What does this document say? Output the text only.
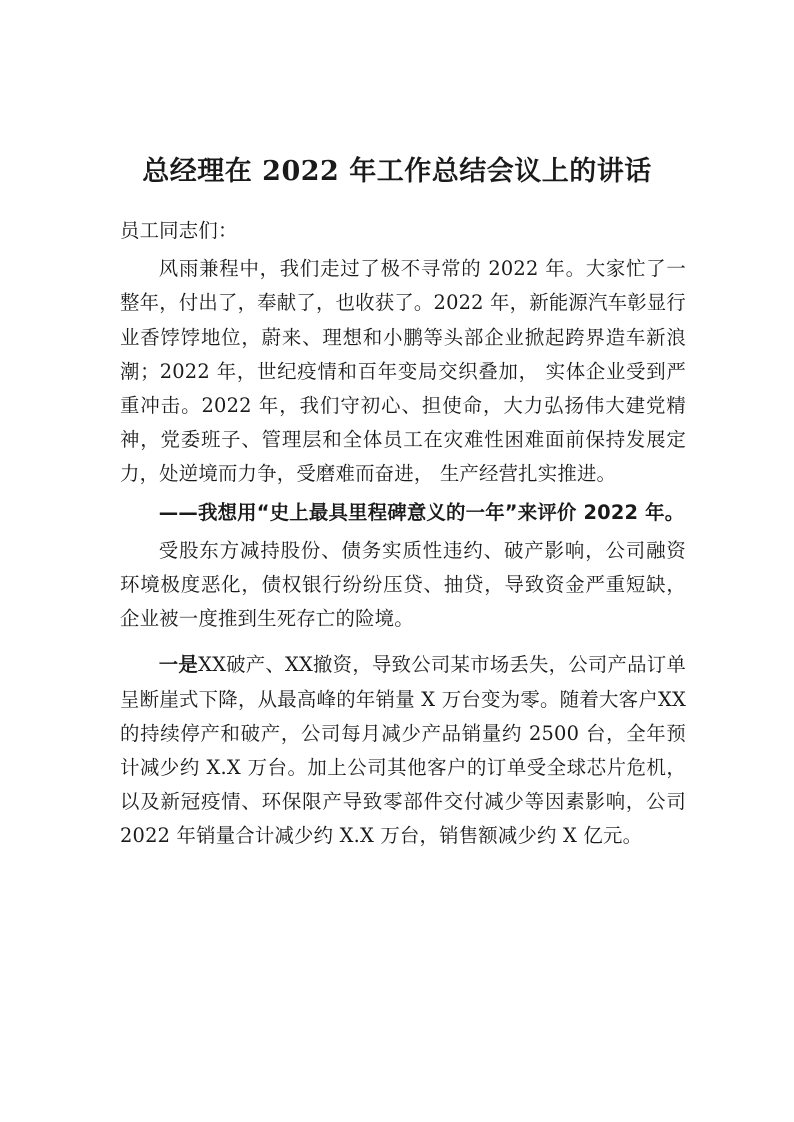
总经理在 2022 年工作总结会议上的讲话

员工同志们：

风雨兼程中，我们走过了极不寻常的 2022 年。大家忙了一整年，付出了，奉献了，也收获了。2022 年，新能源汽车彰显行业香饽饽地位，蔚来、理想和小鹏等头部企业掀起跨界造车新浪潮；2022 年，世纪疫情和百年变局交织叠加， 实体企业受到严重冲击。2022 年，我们守初心、担使命，大力弘扬伟大建党精神，党委班子、管理层和全体员工在灾难性困难面前保持发展定力，处逆境而力争，受磨难而奋进， 生产经营扎实推进。

——我想用“史上最具里程碑意义的一年”来评价 2022 年。

受股东方减持股份、债务实质性违约、破产影响，公司融资环境极度恶化，债权银行纷纷压贷、抽贷，导致资金严重短缺，企业被一度推到生死存亡的险境。

一是XX破产、XX撤资，导致公司某市场丢失，公司产品订单呈断崖式下降，从最高峰的年销量 X 万台变为零。随着大客户XX的持续停产和破产，公司每月减少产品销量约 2500 台，全年预计减少约 X.X 万台。加上公司其他客户的订单受全球芯片危机，以及新冠疫情、环保限产导致零部件交付减少等因素影响，公司 2022 年销量合计减少约 X.X 万台，销售额减少约 X 亿元。
